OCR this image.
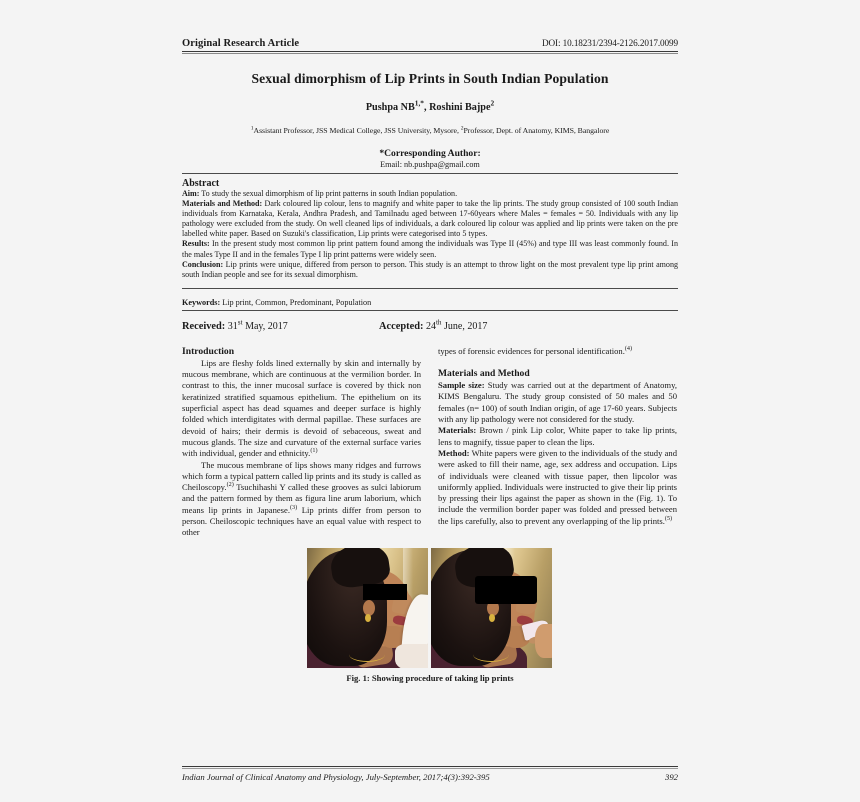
Original Research Article	DOI: 10.18231/2394-2126.2017.0099
Sexual dimorphism of Lip Prints in South Indian Population
Pushpa $NB^{1,*}$, Roshini Bajpe$^2$
$^1$Assistant Professor, JSS Medical College, JSS University, Mysore, $^2$Professor, Dept. of Anatomy, KIMS, Bangalore
*Corresponding Author:
Email: nb.pushpa@gmail.com
Abstract

Aim: To study the sexual dimorphism of lip print patterns in south Indian population.

Materials and Method: Dark coloured lip colour, lens to magnify and white paper to take the lip prints. The study group consisted of 100 south Indian individuals from Karnataka, Kerala, Andhra Pradesh, and Tamilnadu aged between 17-60years where Males = females = 50. Individuals with any lip pathology were excluded from the study. On well cleaned lips of individuals, a dark coloured lip colour was applied and lip prints were taken on the pre labelled white paper. Based on Suzuki's classification, Lip prints were categorised into 5 types.

Results: In the present study most common lip print pattern found among the individuals was Type II (45%) and type III was least commonly found. In the males Type II and in the females Type I lip print patterns were widely seen.

Conclusion: Lip prints were unique, differed from person to person. This study is an attempt to throw light on the most prevalent type lip print among south Indian people and see for its sexual dimorphism.

Keywords: Lip print, Common, Predominant, Population
Received: 31st May, 2017	Accepted: 24th June, 2017
Introduction

Lips are fleshy folds lined externally by skin and internally by mucous membrane, which are continuous at the vermilion border. In contrast to this, the inner mucosal surface is covered by thick non keratinized stratified squamous epithelium. The epithelium on its superficial aspect has dead squames and deeper surface is highly folded which interdigitates with dermal papillae. These surfaces are devoid of hairs; their dermis is devoid of sebaceous, sweat and mucous glands. The size and curvature of the external surface varies with individual, gender and ethnicity.$^{(1)}$

The mucous membrane of lips shows many ridges and furrows which form a typical pattern called lip prints and its study is called as Cheiloscopy.$^{(2)}$ Tsuchihashi Y called these grooves as sulci labiorum and the pattern formed by them as figura line arum laborium, which means lip prints in Japanese.$^{(3)}$ Lip prints differ from person to person. Cheiloscopic techniques have an equal value with respect to other

types of forensic evidences for personal identification.$^{(4)}$

Materials and Method

Sample size: Study was carried out at the department of Anatomy, KIMS Bengaluru. The study group consisted of 50 males and 50 females (n= 100) of south Indian origin, of age 17-60 years. Subjects with any lip pathology were not considered for the study.

Materials: Brown / pink Lip color, White paper to take lip prints, lens to magnify, tissue paper to clean the lips.

Method: White papers were given to the individuals of the study and were asked to fill their name, age, sex address and occupation. Lips of individuals were cleaned with tissue paper, then lipcolor was uniformly applied. Individuals were instructed to give their lip prints by pressing their lips against the paper as shown in the (Fig. 1). To include the vermilion border paper was folded and pressed between the lips carefully, also to prevent any overlapping of the lip prints.$^{(5)}$

Fig. 1: Showing procedure of taking lip prints
Indian Journal of Clinical Anatomy and Physiology, July-September, 2017;4(3):392-395	392
